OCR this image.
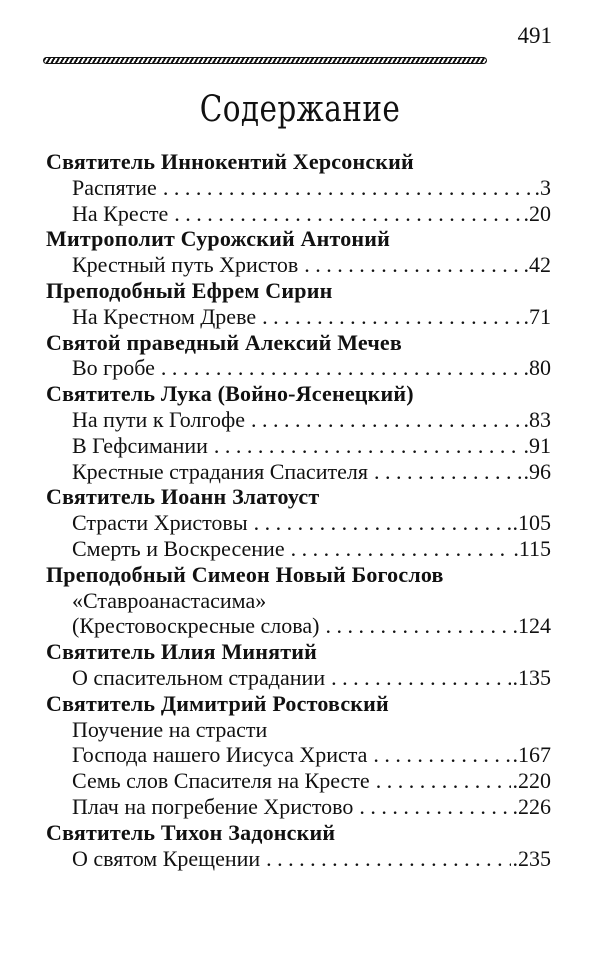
491
Содержание
Святитель Иннокентий Херсонский
Распятие . . .	.3
На Кресте . . .	.20
Митрополит Сурожский Антоний
Крестный путь Христов . . .	.42
Преподобный Ефрем Сирин
На Крестном Древе . . .	.71
Святой праведный Алексий Мечев
Во гробе . . .	.80
Святитель Лука (Войно-Ясенецкий)
На пути к Голгофе . . .	.83
В Гефсимании . . .	.91
Крестные страдания Спасителя . . .	.96
Святитель Иоанн Златоуст
Страсти Христовы . . .	.105
Смерть и Воскресение . . .	.115
Преподобный Симеон Новый Богослов
«Ставроанастасима»
(Крестовоскресные слова) . . .	.124
Святитель Илия Минятий
О спасительном страдании . . .	.135
Святитель Димитрий Ростовский
Поучение на страсти
Господа нашего Иисуса Христа . . .	.167
Семь слов Спасителя на Кресте . . .	.220
Плач на погребение Христово . . .	.226
Святитель Тихон Задонский
О святом Крещении . . .	.235
